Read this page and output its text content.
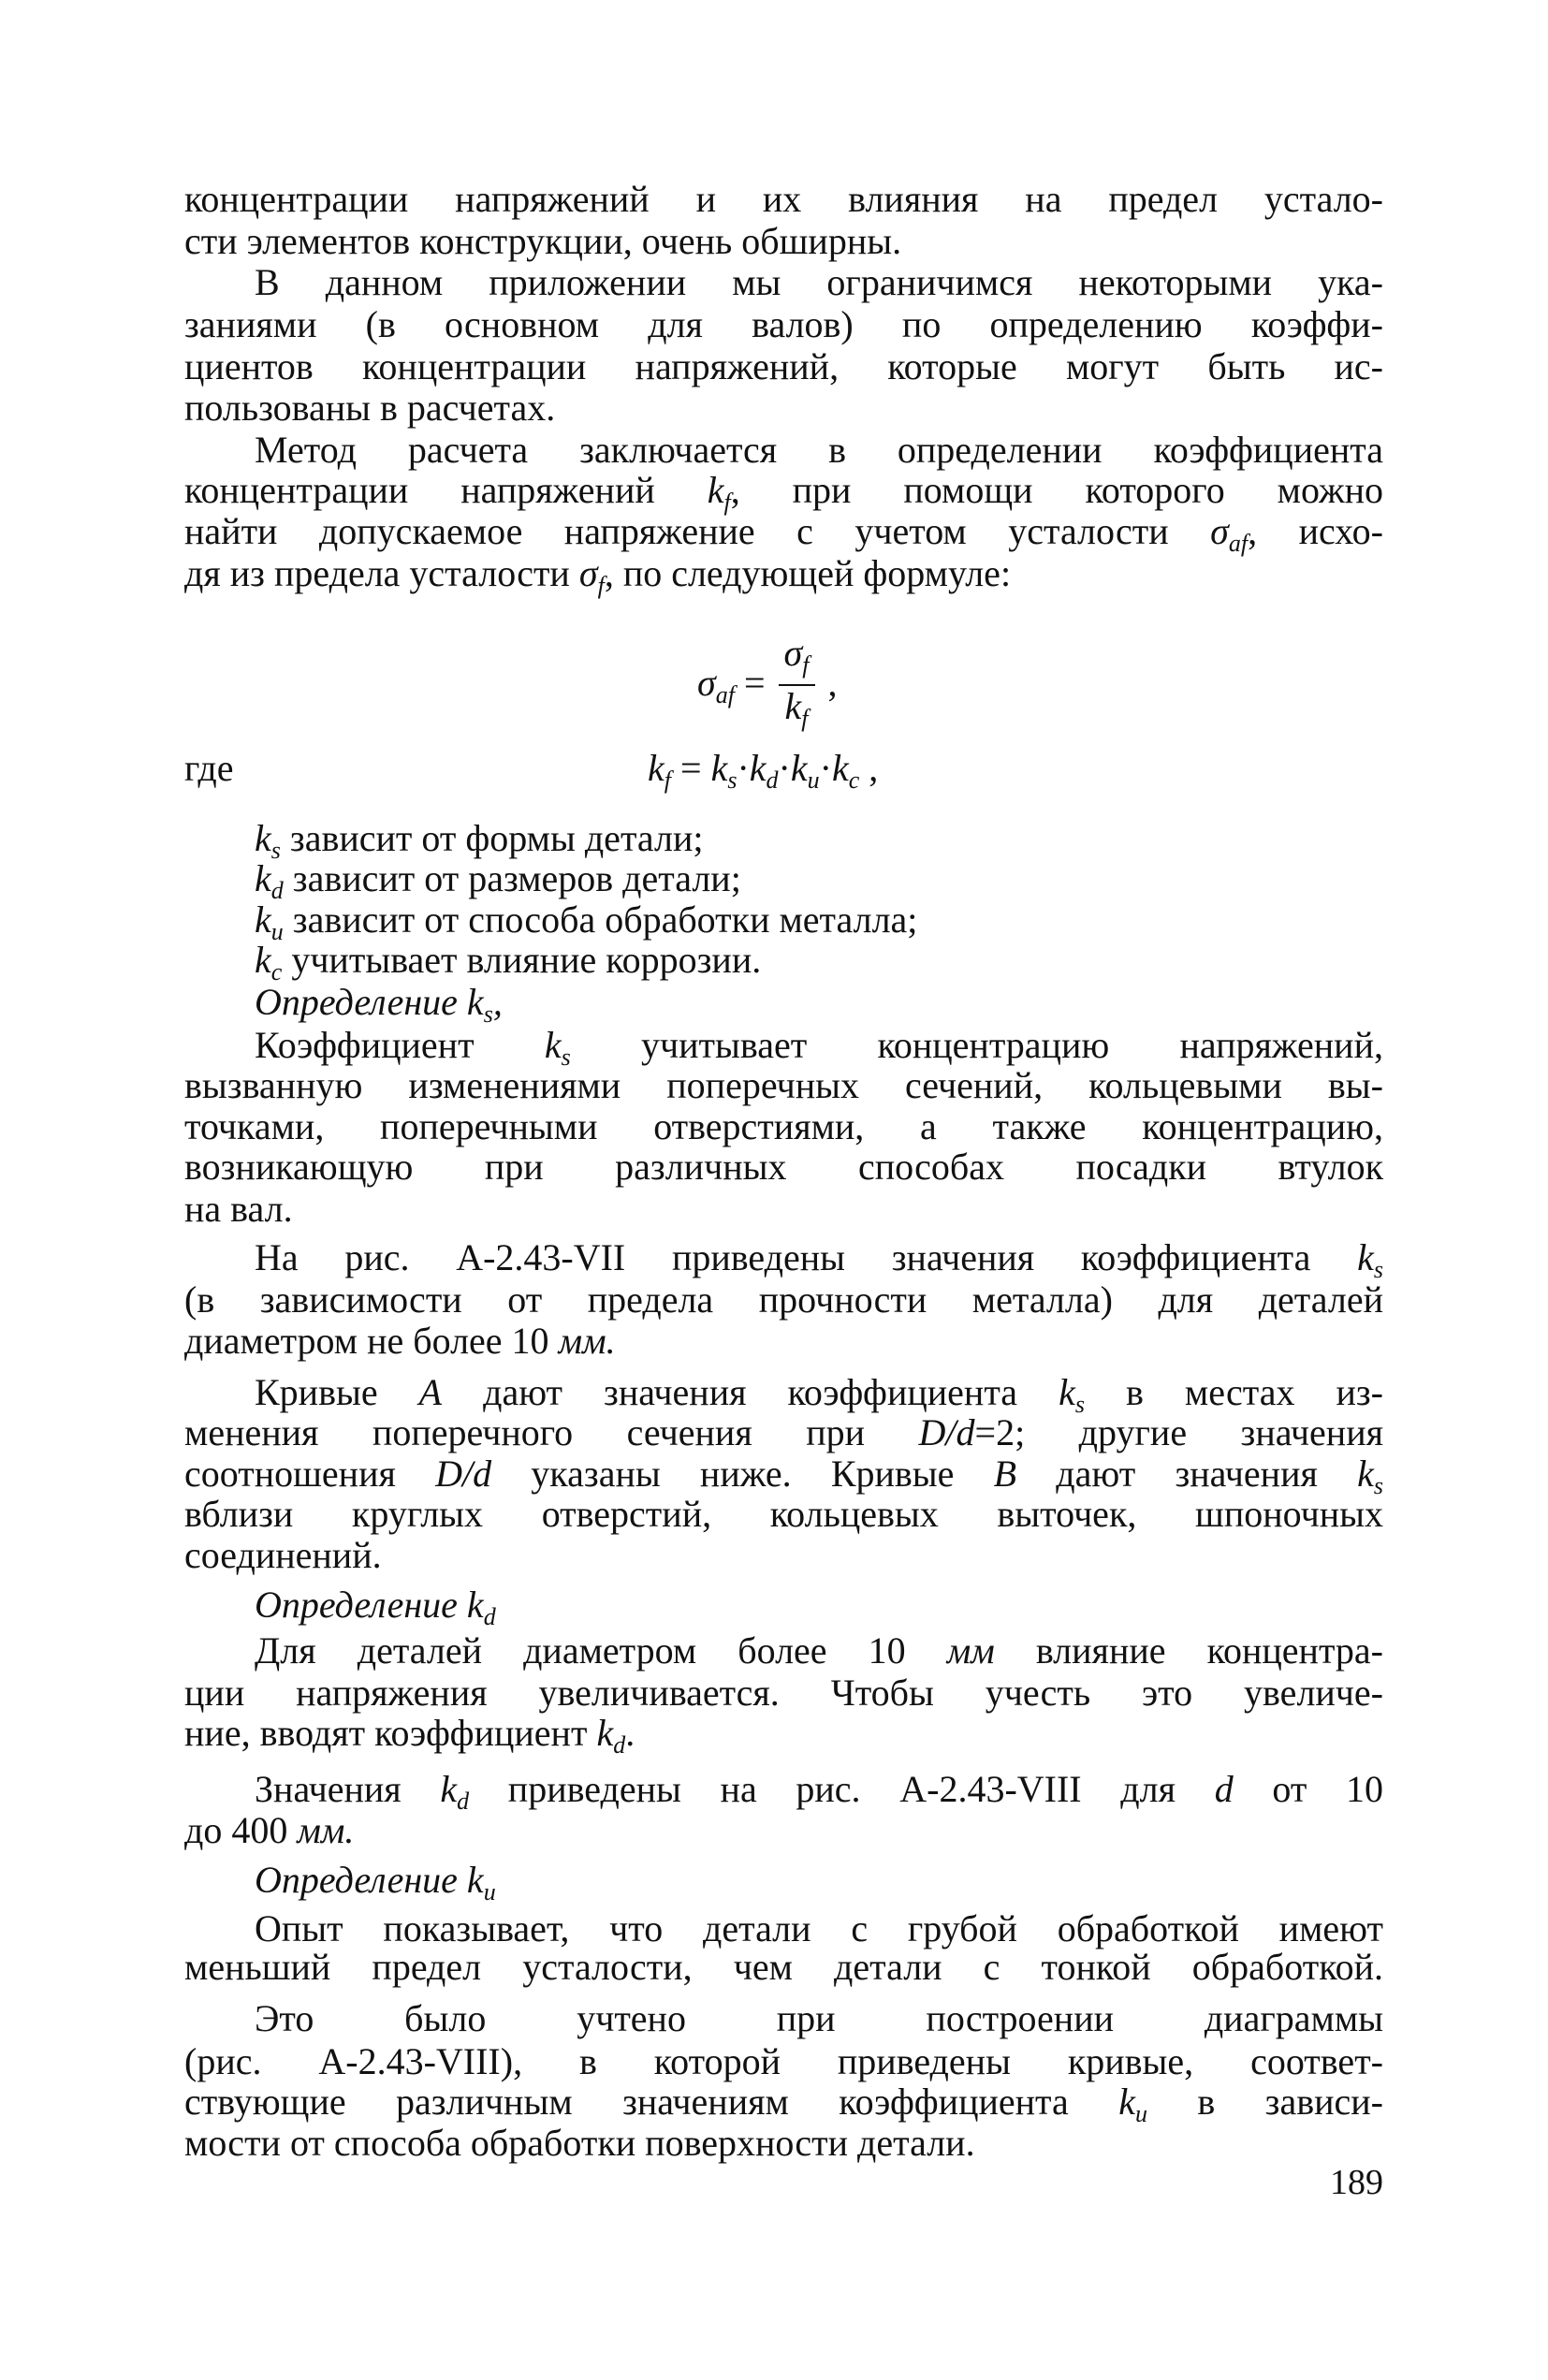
концентрации напряжений и их влияния на предел устало-
сти элементов конструкции, очень обширны.
В данном приложении мы ограничимся некоторыми ука-
заниями (в основном для валов) по определению коэффи-
циентов концентрации напряжений, которые могут быть ис-
пользованы в расчетах.
Метод расчета заключается в определении коэффициента
концентрации напряжений $k_f$, при помощи которого можно
найти допускаемое напряжение с учетом усталости $\sigma_{af}$, исхо-
дя из предела усталости $\sigma_f$, по следующей формуле:
$k_s$ зависит от формы детали;
$k_d$ зависит от размеров детали;
$k_u$ зависит от способа обработки металла;
$k_c$ учитывает влияние коррозии.
Определение $k_s$,
Коэффициент $k_s$ учитывает концентрацию напряжений,
вызванную изменениями поперечных сечений, кольцевыми вы-
точками, поперечными отверстиями, а также концентрацию,
возникающую при различных способах посадки втулок
на вал.
На рис. А-2.43-VII приведены значения коэффициента $k_s$
(в зависимости от предела прочности металла) для деталей
диаметром не более 10 мм.
Кривые A дают значения коэффициента $k_s$ в местах из-
менения поперечного сечения при D/d=2; другие значения
соотношения D/d указаны ниже. Кривые B дают значения $k_s$
вблизи круглых отверстий, кольцевых выточек, шпоночных
соединений.
Определение $k_d$
Для деталей диаметром более 10 мм влияние концентра-
ции напряжения увеличивается. Чтобы учесть это увеличе-
ние, вводят коэффициент $k_d$.
Значения $k_d$ приведены на рис. A-2.43-VIII для d от 10
до 400 мм.
Определение $k_u$
Опыт показывает, что детали с грубой обработкой имеют
меньший предел усталости, чем детали с тонкой обработкой.
Это было учтено при построении диаграммы
(рис. A-2.43-VIII), в которой приведены кривые, соответ-
ствующие различным значениям коэффициента $k_u$ в зависи-
мости от способа обработки поверхности детали.
$\sigma_{af} = \frac{\sigma_f}{k_f}$ ,
где	$k_f = k_s\cdot k_d\cdot k_u\cdot k_c$ ,
189
